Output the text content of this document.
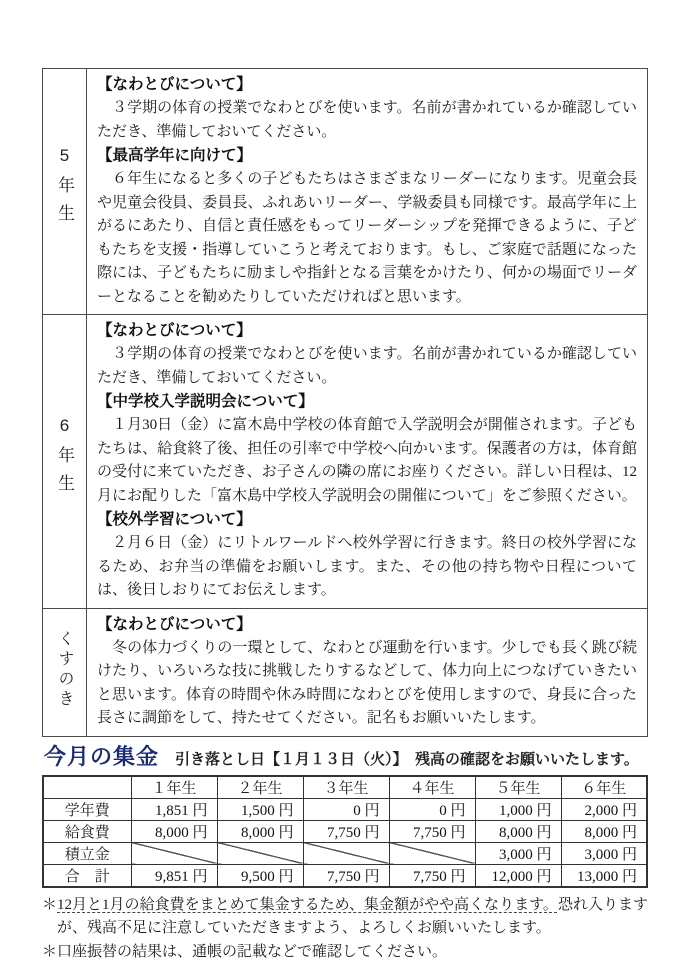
5年生	【なわとびについて】
　３学期の体育の授業でなわとびを使います。名前が書かれているか確認していただき、準備しておいてください。
【最高学年に向けて】
　６年生になると多くの子どもたちはさまざまなリーダーになります。児童会長や児童会役員、委員長、ふれあいリーダー、学級委員も同様です。最高学年に上がるにあたり、自信と責任感をもってリーダーシップを発揮できるように、子どもたちを支援・指導していこうと考えております。もし、ご家庭で話題になった際には、子どもたちに励ましや指針となる言葉をかけたり、何かの場面でリーダーとなることを勧めたりしていただければと思います。

6年生	
【なわとびについて】
　３学期の体育の授業でなわとびを使います。名前が書かれているか確認していただき、準備しておいてください。
【中学校入学説明会について】
　１月30日（金）に富木島中学校の体育館で入学説明会が開催されます。子どもたちは、給食終了後、担任の引率で中学校へ向かいます。保護者の方は，体育館の受付に来ていただき、お子さんの隣の席にお座りください。詳しい日程は、12月にお配りした「富木島中学校入学説明会の開催について」をご参照ください。
【校外学習について】
　２月６日（金）にリトルワールドへ校外学習に行きます。終日の校外学習になるため、お弁当の準備をお願いします。また、その他の持ち物や日程については、後日しおりにてお伝えします。

くすのき	【なわとびについて】
　冬の体力づくりの一環として、なわとび運動を行います。少しでも長く跳び続けたり、いろいろな技に挑戦したりするなどして、体力向上につなげていきたいと思います。体育の時間や休み時間になわとびを使用しますので、身長に合った長さに調節をして、持たせてください。記名もお願いいたします。
今月の集金 引き落とし日【１月１３日（火）】　残高の確認をお願いいたします。
	１年生	２年生	３年生	４年生	５年生	６年生
学年費	1,851 円	1,500 円	0 円	0 円	1,000 円	2,000 円
給食費	8,000 円	8,000 円	7,750 円	7,750 円	8,000 円	8,000 円
積立金					3,000 円	3,000 円
合　計	9,851 円	9,500 円	7,750 円	7,750 円	12,000 円	13,000 円

＊12月と1月の給食費をまとめて集金するため、集金額がやや高くなります。恐れ入りますが、残高不足に注意していただきますよう、よろしくお願いいたします。

＊口座振替の結果は、通帳の記載などで確認してください。
